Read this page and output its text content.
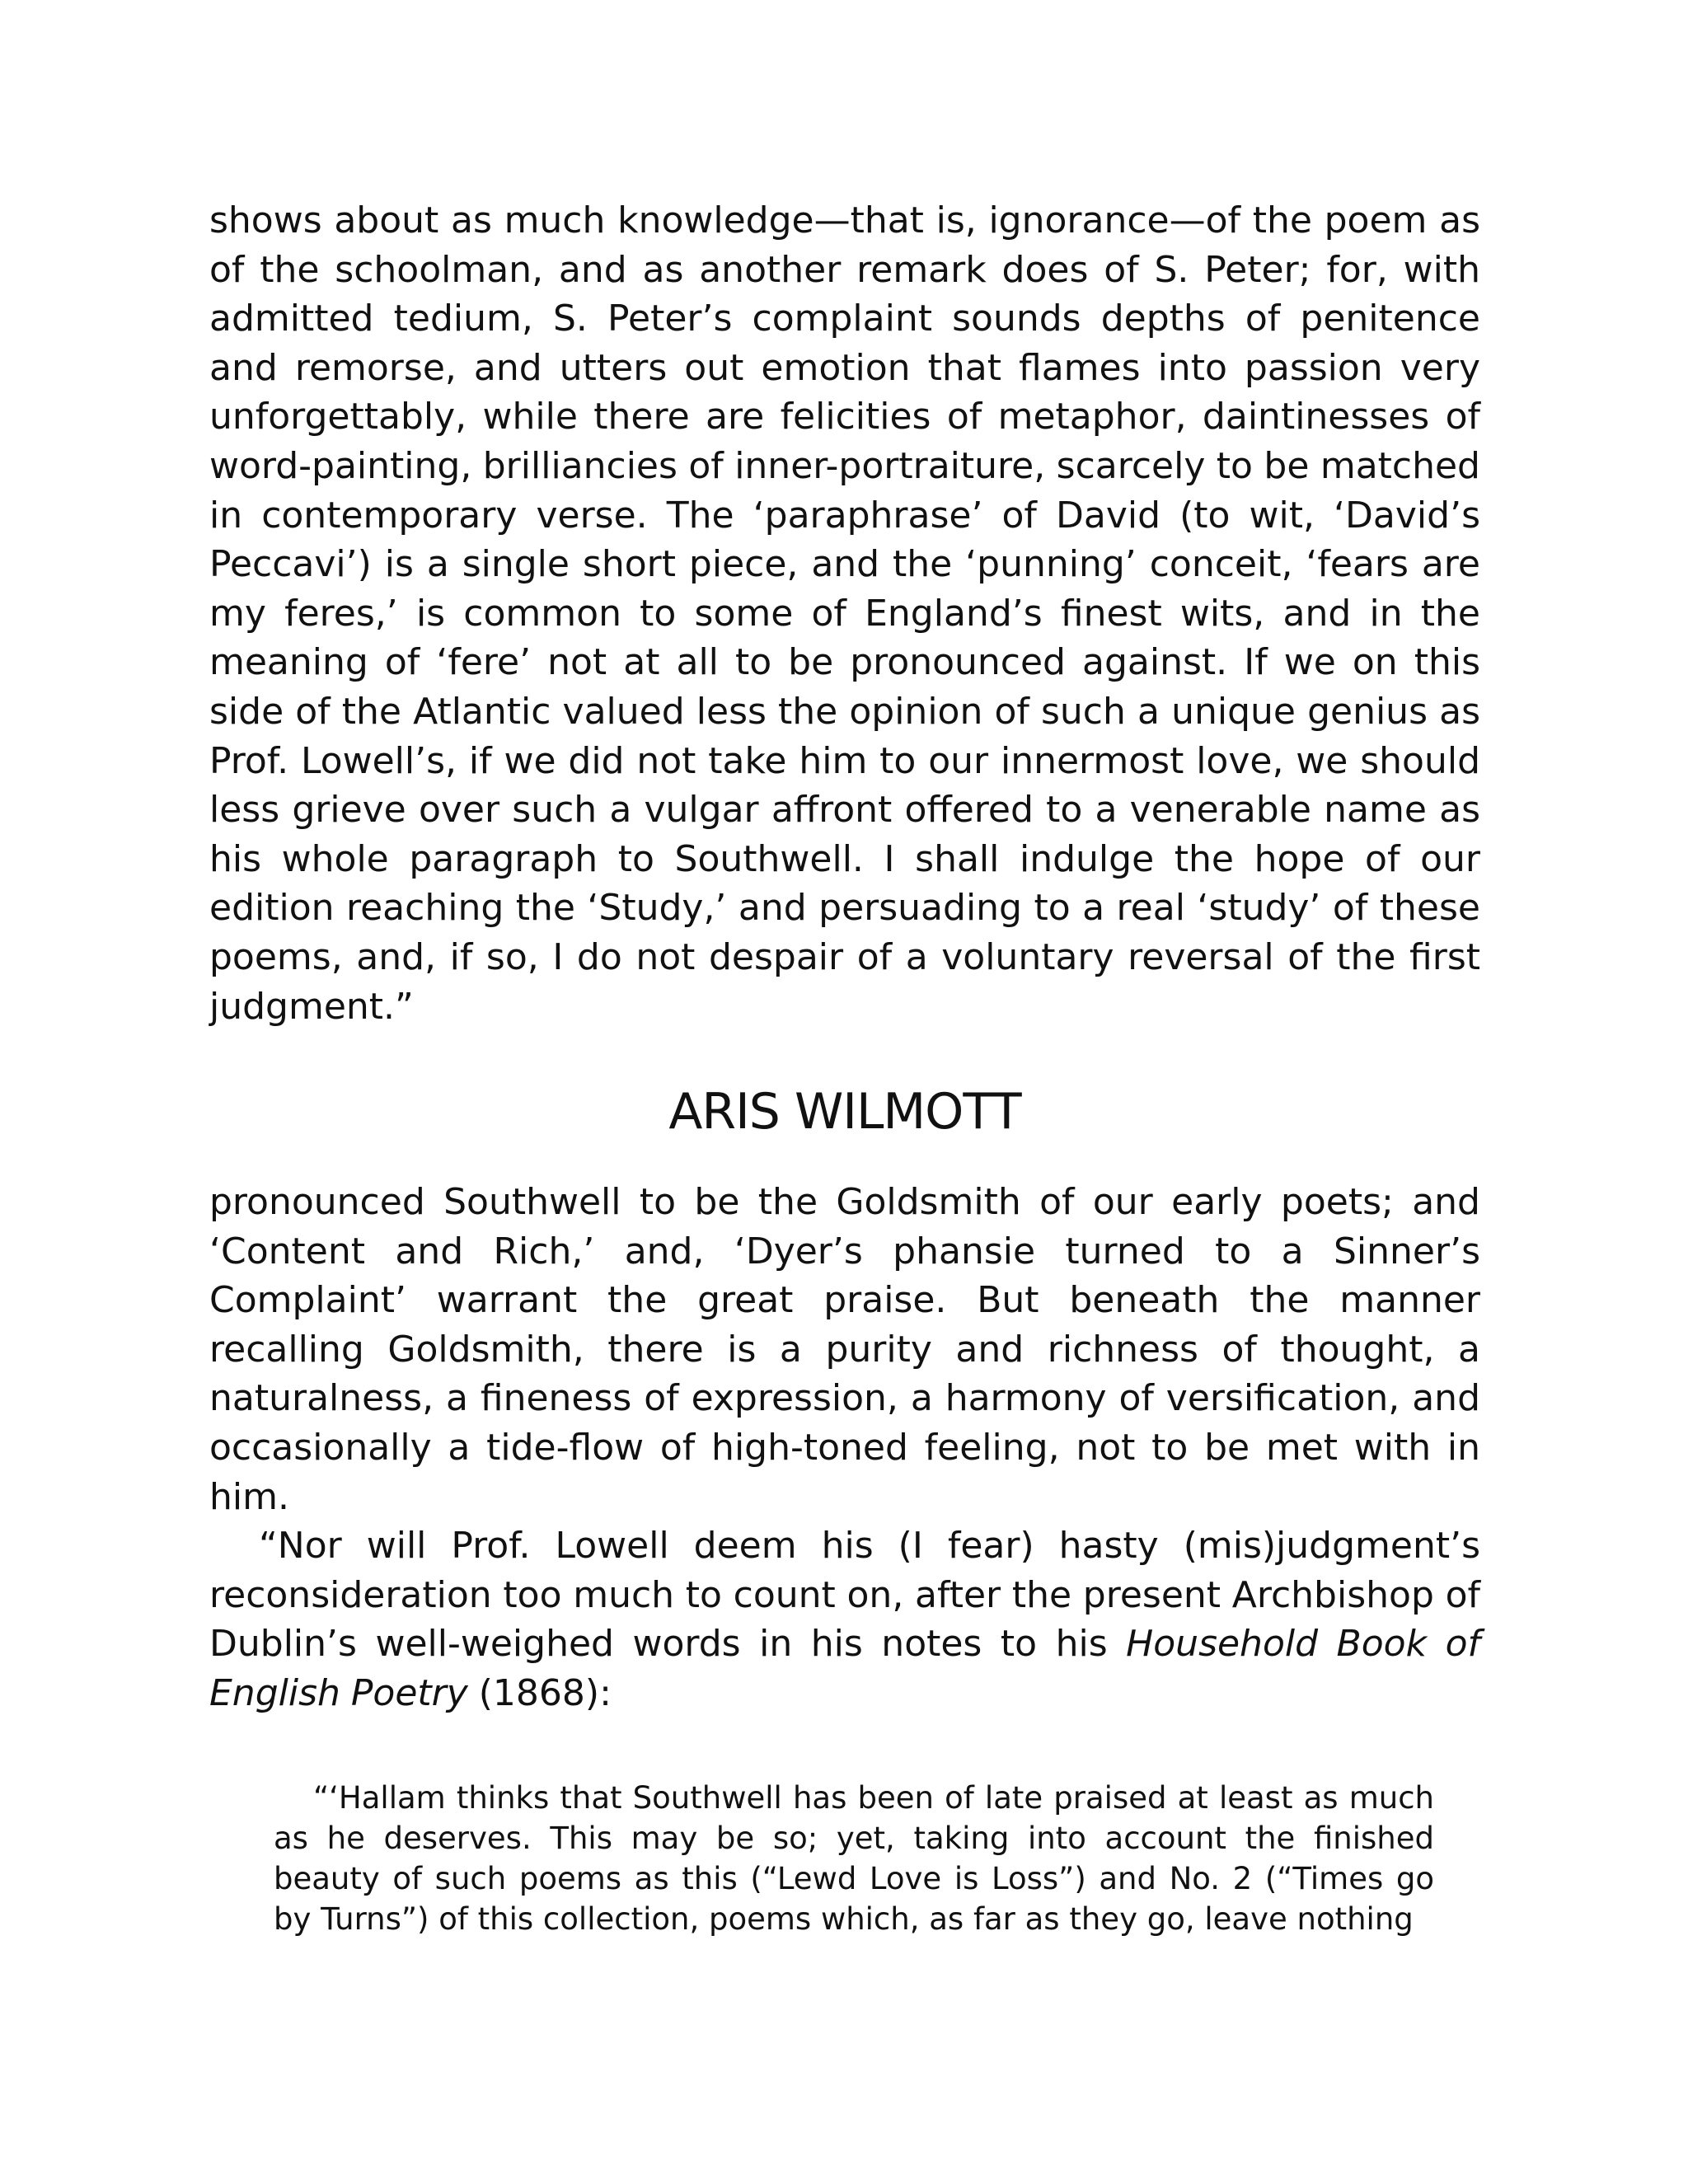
shows about as much knowledge—that is, ignorance—of the poem as of the schoolman, and as another remark does of S. Peter; for, with admitted tedium, S. Peter’s complaint sounds depths of penitence and remorse, and utters out emotion that flames into passion very unforgettably, while there are felicities of metaphor, daintinesses of word-painting, brilliancies of inner-portraiture, scarcely to be matched in contemporary verse. The ‘paraphrase’ of David (to wit, ‘David’s Peccavi’) is a single short piece, and the ‘punning’ conceit, ‘fears are my feres,’ is common to some of England’s finest wits, and in the meaning of ‘fere’ not at all to be pronounced against. If we on this side of the Atlantic valued less the opinion of such a unique genius as Prof. Lowell’s, if we did not take him to our innermost love, we should less grieve over such a vulgar affront offered to a venerable name as his whole paragraph to Southwell. I shall indulge the hope of our edition reaching the ‘Study,’ and persuading to a real ‘study’ of these poems, and, if so, I do not despair of a voluntary reversal of the first judgment.”

ARIS WILMOTT

pronounced Southwell to be the Goldsmith of our early poets; and ‘Content and Rich,’ and, ‘Dyer’s phansie turned to a Sinner’s Complaint’ warrant the great praise. But beneath the manner recalling Goldsmith, there is a purity and richness of thought, a naturalness, a fineness of expression, a harmony of versification, and occasionally a tide-flow of high-toned feeling, not to be met with in him.

“Nor will Prof. Lowell deem his (I fear) hasty (mis)judgment’s reconsideration too much to count on, after the present Archbishop of Dublin’s well-weighed words in his notes to his Household Book of English Poetry (1868):

“‘Hallam thinks that Southwell has been of late praised at least as much as he deserves. This may be so; yet, taking into account the finished beauty of such poems as this (“Lewd Love is Loss”) and No. 2 (“Times go by Turns”) of this collection, poems which, as far as they go, leave nothing
